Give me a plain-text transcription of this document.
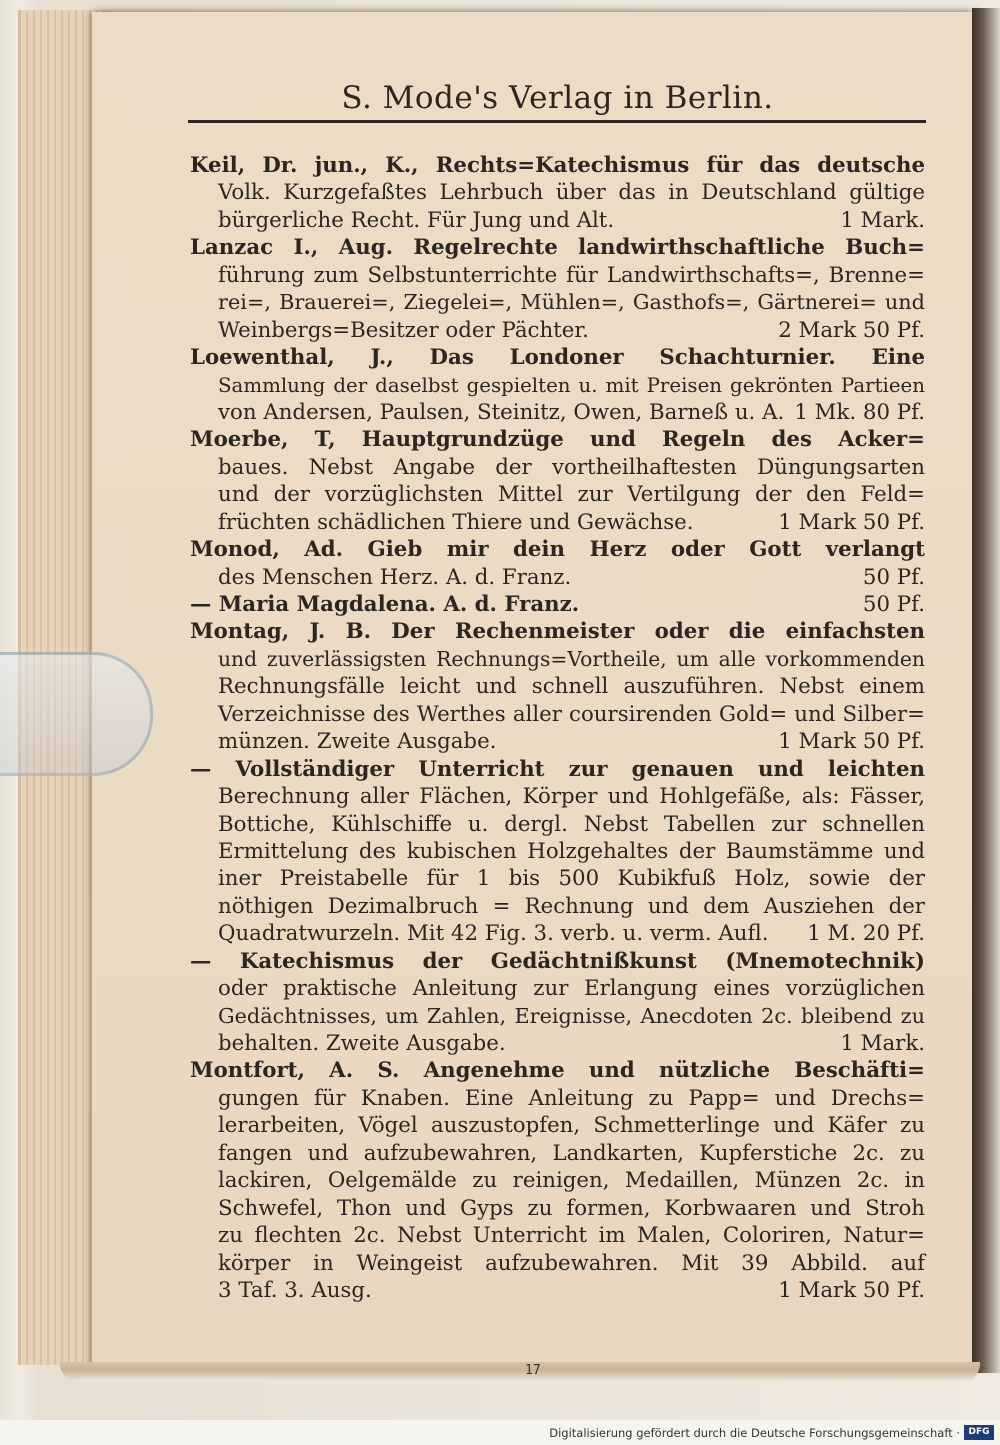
S. Mode's Verlag in Berlin.
Keil, Dr. jun., K., Rechts=Katechismus für das deutsche
Volk. Kurzgefaßtes Lehrbuch über das in Deutschland gültige
bürgerliche Recht. Für Jung und Alt.	1 Mark.
Lanzac I., Aug. Regelrechte landwirthschaftliche Buch=
führung zum Selbstunterrichte für Landwirthschafts=, Brenne=
rei=, Brauerei=, Ziegelei=, Mühlen=, Gasthofs=, Gärtnerei= und
Weinbergs=Besitzer oder Pächter.	2 Mark 50 Pf.
Loewenthal, J., Das Londoner Schachturnier. Eine
Sammlung der daselbst gespielten u. mit Preisen gekrönten Partieen
von Andersen, Paulsen, Steinitz, Owen, Barneß u. A. 1 Mk. 80 Pf.
Moerbe, T, Hauptgrundzüge und Regeln des Acker=
baues. Nebst Angabe der vortheilhaftesten Düngungsarten
und der vorzüglichsten Mittel zur Vertilgung der den Feld=
früchten schädlichen Thiere und Gewächse.	1 Mark 50 Pf.
Monod, Ad. Gieb mir dein Herz oder Gott verlangt
des Menschen Herz. A. d. Franz.	50 Pf.
— Maria Magdalena. A. d. Franz.	50 Pf.
Montag, J. B. Der Rechenmeister oder die einfachsten
und zuverlässigsten Rechnungs=Vortheile, um alle vorkommenden
Rechnungsfälle leicht und schnell auszuführen. Nebst einem
Verzeichnisse des Werthes aller coursirenden Gold= und Silber=
münzen. Zweite Ausgabe.	1 Mark 50 Pf.
— Vollständiger Unterricht zur genauen und leichten
Berechnung aller Flächen, Körper und Hohlgefäße, als: Fässer,
Bottiche, Kühlschiffe u. dergl. Nebst Tabellen zur schnellen
Ermittelung des kubischen Holzgehaltes der Baumstämme und
iner Preistabelle für 1 bis 500 Kubikfuß Holz, sowie der
nöthigen Dezimalbruch = Rechnung und dem Ausziehen der
Quadratwurzeln. Mit 42 Fig. 3. verb. u. verm. Aufl. 1 M. 20 Pf.
— Katechismus der Gedächtnißkunst (Mnemotechnik)
oder praktische Anleitung zur Erlangung eines vorzüglichen
Gedächtnisses, um Zahlen, Ereignisse, Anecdoten 2c. bleibend zu
behalten. Zweite Ausgabe.	1 Mark.
Montfort, A. S. Angenehme und nützliche Beschäfti=
gungen für Knaben. Eine Anleitung zu Papp= und Drechs=
lerarbeiten, Vögel auszustopfen, Schmetterlinge und Käfer zu
fangen und aufzubewahren, Landkarten, Kupferstiche 2c. zu
lackiren, Oelgemälde zu reinigen, Medaillen, Münzen 2c. in
Schwefel, Thon und Gyps zu formen, Korbwaaren und Stroh
zu flechten 2c. Nebst Unterricht im Malen, Coloriren, Natur=
körper in Weingeist aufzubewahren. Mit 39 Abbild. auf
3 Taf. 3. Ausg.	1 Mark 50 Pf.
17
Digitalisierung gefördert durch die Deutsche Forschungsgemeinschaft · DFG
